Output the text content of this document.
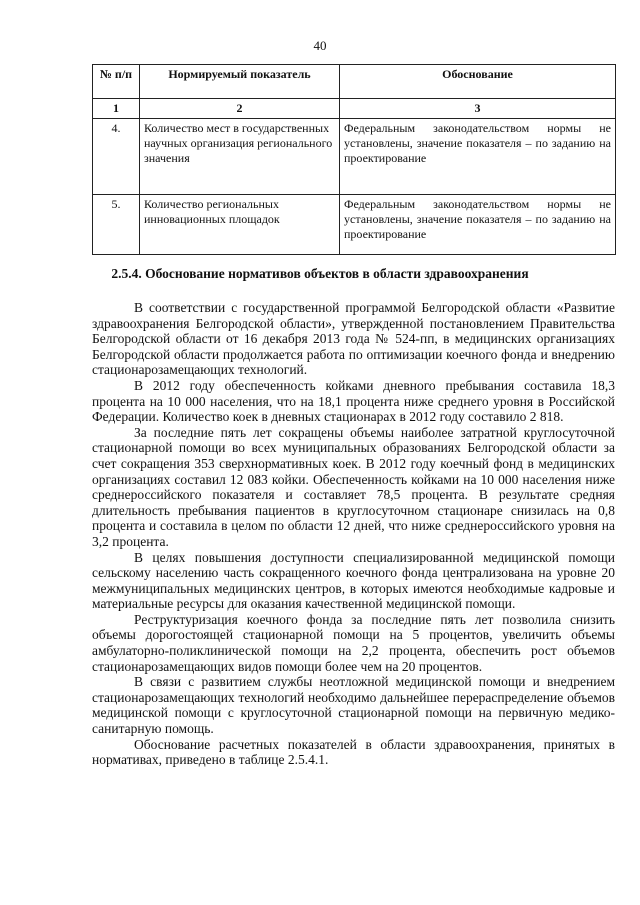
40
№ п/п	Нормируемый показатель	Обоснование
1	2	3
4.	Количество мест в государственных научных организация регионального значения	Федеральным законодательством нормы не установлены, значение показателя – по заданию на проектирование
5.	Количество региональных инновационных площадок	Федеральным законодательством нормы не установлены, значение показателя – по заданию на проектирование
2.5.4. Обоснование нормативов объектов в области здравоохранения

В соответствии с государственной программой Белгородской области «Развитие здравоохранения Белгородской области», утвержденной постановлением Правительства Белгородской области от 16 декабря 2013 года № 524-пп, в медицинских организациях Белгородской области продолжается работа по оптимизации коечного фонда и внедрению стационарозамещающих технологий.

В 2012 году обеспеченность койками дневного пребывания составила 18,3 процента на 10 000 населения, что на 18,1 процента ниже среднего уровня в Российской Федерации. Количество коек в дневных стационарах в 2012 году составило 2 818.

За последние пять лет сокращены объемы наиболее затратной круглосуточной стационарной помощи во всех муниципальных образованиях Белгородской области за счет сокращения 353 сверхнормативных коек. В 2012 году коечный фонд в медицинских организациях составил 12 083 койки. Обеспеченность койками на 10 000 населения ниже среднероссийского показателя и составляет 78,5 процента. В результате средняя длительность пребывания пациентов в круглосуточном стационаре снизилась на 0,8 процента и составила в целом по области 12 дней, что ниже среднероссийского уровня на 3,2 процента.

В целях повышения доступности специализированной медицинской помощи сельскому населению часть сокращенного коечного фонда централизована на уровне 20 межмуниципальных медицинских центров, в которых имеются необходимые кадровые и материальные ресурсы для оказания качественной медицинской помощи.

Реструктуризация коечного фонда за последние пять лет позволила снизить объемы дорогостоящей стационарной помощи на 5 процентов, увеличить объемы амбулаторно-поликлинической помощи на 2,2 процента, обеспечить рост объемов стационарозамещающих видов помощи более чем на 20 процентов.

В связи с развитием службы неотложной медицинской помощи и внедрением стационарозамещающих технологий необходимо дальнейшее перераспределение объемов медицинской помощи с круглосуточной стационарной помощи на первичную медико-санитарную помощь.

Обоснование расчетных показателей в области здравоохранения, принятых в нормативах, приведено в таблице 2.5.4.1.
